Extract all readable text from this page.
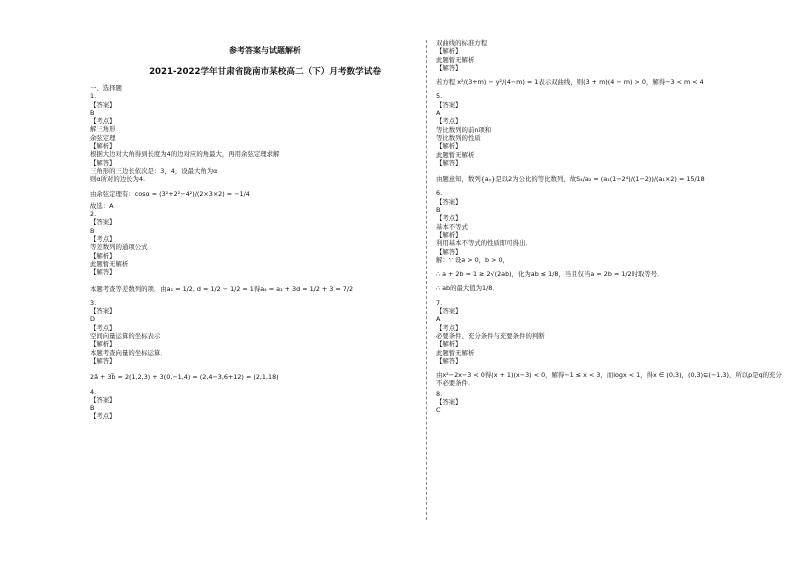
参考答案与试题解析
2021-2022学年甘肃省陇南市某校高二（下）月考数学试卷
一、选择题
1.
【答案】
B
【考点】
解三角形
余弦定理
【解析】
根据大边对大角得到长度为4的边对应的角最大，再用余弦定理求解
【解答】
三角形的三边长依次是：3，4，设最大角为α
则α所对的边长为4.
由余弦定理有：cosα = (3²+2²−4²)/(2×3×2) = −1/4
故选：A
2.
【答案】
B
【考点】
等差数列的通项公式
【解析】
此题暂无解析
【解答】
本题考查等差数列的项．由a₁ = 1/2, d = 1/2 − 1/2 = 1得a₄ = a₁ + 3d = 1/2 + 3 = 7/2
3.
【答案】
D
【考点】
空间向量运算的坐标表示
【解析】
本题考查向量的坐标运算．
【解答】
2a⃗ + 3b⃗ = 2(1,2,3) + 3(0,−1,4) = (2,4−3,6+12) = (2,1,18)
4.
【答案】
B
【考点】
双曲线的标准方程
【解析】
此题暂无解析
【解答】
若方程 x²/(3+m) − y²/(4−m) = 1表示双曲线，则(3 + m)(4 − m) > 0，解得−3 < m < 4
5.
【答案】
A
【考点】
等比数列的前n项和
等比数列的性质
【解析】
此题暂无解析
【解答】
由题意知，数列{aₙ}是以2为公比的等比数列，故S₄/a₂ = (a₁(1−2⁴)/(1−2))/(a₁×2) = 15/18
6.
【答案】
B
【考点】
基本不等式
【解析】
利用基本不等式的性质即可得出．
【解答】
解：∵ 设a > 0，b > 0，
∴ a + 2b = 1 ≥ 2√(2ab)，化为ab ≤ 1/8，当且仅当a = 2b = 1/2时取等号．
∴ ab的最大值为1/8．
7.
【答案】
A
【考点】
必要条件、充分条件与充要条件的判断
【解析】
此题暂无解析
【解答】
由x²−2x−3 < 0得(x + 1)(x−3) < 0，解得−1 ≤ x < 3，而logx < 1，得x ∈ (0,3)，(0,3)⊊(−1,3)，所以p是q的充分
不必要条件．
8.
【答案】
C
